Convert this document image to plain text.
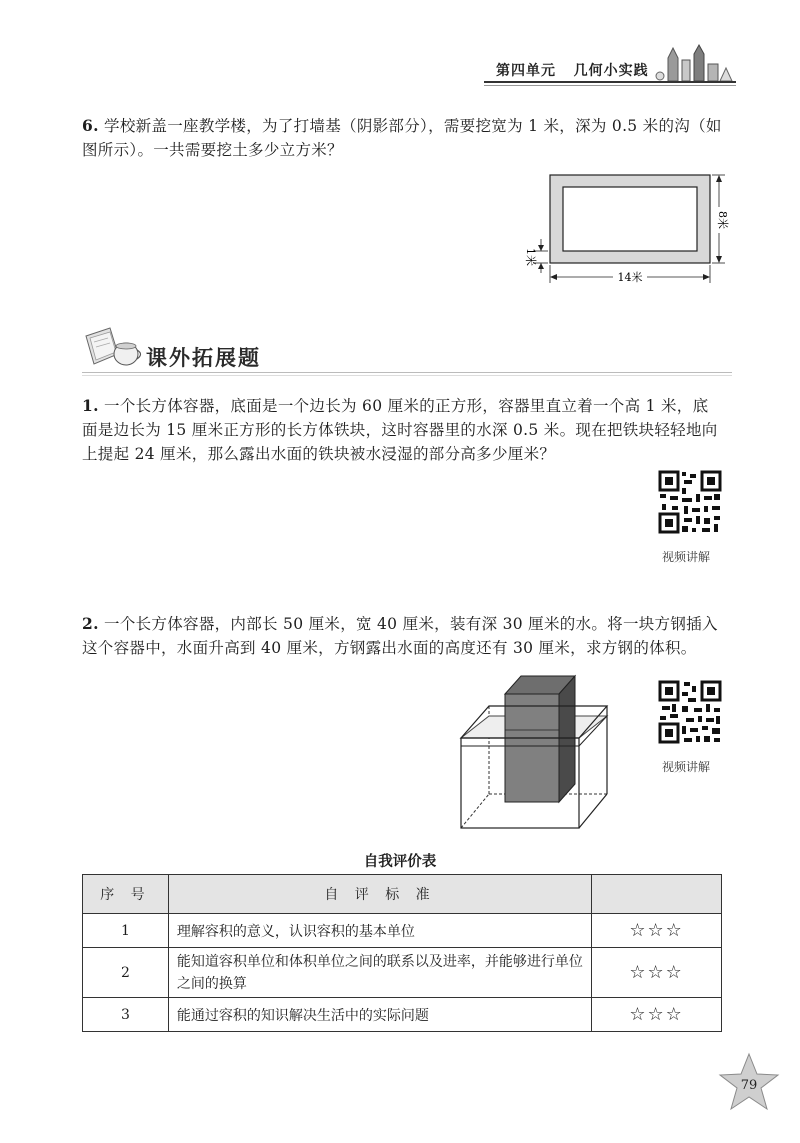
第四单元 几何小实践
6. 学校新盖一座教学楼，为了打墙基（阴影部分），需要挖宽为 1 米，深为 0.5 米的沟（如图所示）。一共需要挖土多少立方米？
8米
14米
1米
课外拓展题
1. 一个长方体容器，底面是一个边长为 60 厘米的正方形，容器里直立着一个高 1 米，底面是边长为 15 厘米正方形的长方体铁块，这时容器里的水深 0.5 米。现在把铁块轻轻地向上提起 24 厘米，那么露出水面的铁块被水浸湿的部分高多少厘米？
视频讲解
2. 一个长方体容器，内部长 50 厘米，宽 40 厘米，装有深 30 厘米的水。将一块方钢插入这个容器中，水面升高到 40 厘米，方钢露出水面的高度还有 30 厘米，求方钢的体积。
视频讲解
自我评价表
序 号	自 评 标 准	
1	理解容积的意义，认识容积的基本单位	☆☆☆
2	能知道容积单位和体积单位之间的联系以及进率，并能够进行单位之间的换算	☆☆☆
3	能通过容积的知识解决生活中的实际问题	☆☆☆
79
